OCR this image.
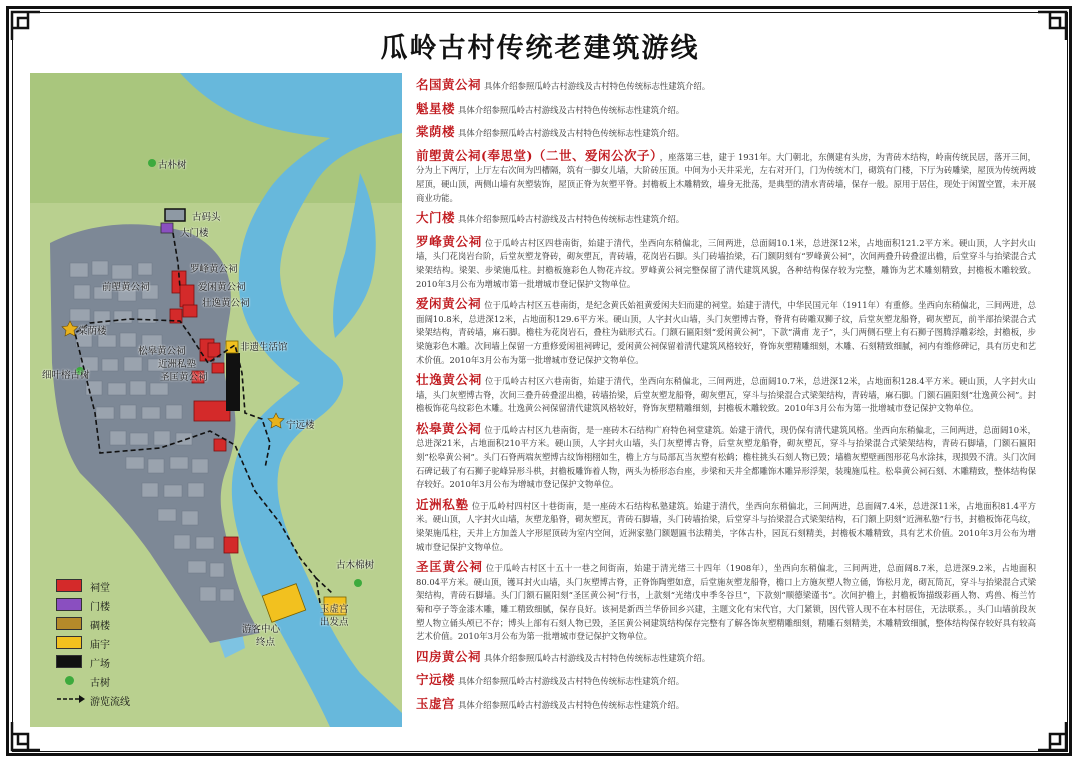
瓜岭古村传统老建筑游线
古朴树
古码头
大门楼
罗峰黄公祠
爱闲黄公祠
壮逸黄公祠
前塱黄公祠
棠荫楼
松皋黄公祠
近洲私塾
圣匡黄公祠
非遗生活馆
宁远楼
细叶榕古树
古木棉树
游客中心
终点
玉虚宫
出发点
祠堂
门楼
碉楼
庙宇
广场
古树
游览流线

名国黄公祠 具体介绍参照瓜岭古村游线及古村特色传统标志性建筑介绍。

魁星楼 具体介绍参照瓜岭古村游线及古村特色传统标志性建筑介绍。

棠荫楼 具体介绍参照瓜岭古村游线及古村特色传统标志性建筑介绍。

前塱黄公祠(奉思堂)（二世、爱闲公次子） ，座落第三巷，建于 1931年。大门朝北，东侧建有头房，为青砖木结构，岭南传统民居，落开三间，分为上下两厅，上厅左右次间为凹槽隔，筑有一脚女儿墙，大阶砖压顶。中间为小天井采光，左右对开门，门为传统木门，砌筑有门楼，下厅为砖雕梁，屋顶为传统两坡屋顶，硬山顶，两侧山墙有灰塑装饰，屋顶正脊为灰塑平脊。封檐板上木雕精致，墙身无批荡，是典型的清水青砖墙，保存一般。原用于居住，现处于闲置空置，未开展商业功能。

大门楼 具体介绍参照瓜岭古村游线及古村特色传统标志性建筑介绍。

罗峰黄公祠 位于瓜岭古村区四巷南街，始建于清代，坐西向东稍偏北，三间两进，总面阔10.1米，总进深12米，占地面积121.2平方米。硬山顶，人字封火山墙，头门花岗岩台阶，后堂灰塑龙脊砖，砌灰塑瓦，青砖墙，花岗岩石脚。头门砖墙抬梁，石门额阴刻有“罗峰黄公祠”，次间两叠升砖叠涩出檐，后堂穿斗与抬梁混合式梁架结构。梁架、步梁施瓜柱。封檐板施彩色人物花卉纹。罗峰黄公祠完整保留了清代建筑风貌，各种结构保存较为完整，雕饰为艺术雕刻精致，封檐板木雕较致。2010年3月公布为增城市第一批增城市登记保护文物单位。

爱闲黄公祠 位于瓜岭古村区五巷南街，是纪念黄氏始祖黄爱闲夫妇而建的祠堂。始建于清代，中华民国元年（1911年）有重修。坐西向东稍偏北，三间两进，总面阔10.8米，总进深12米，占地面积129.6平方米。硬山顶，人字封火山墙，头门灰塑博古脊，脊背有砖雕双狮子纹，后堂灰塑龙船脊，砌灰塑瓦，前半部抬梁混合式梁架结构，青砖墙，麻石脚。檐柱为花岗岩石，叠柱为础形式石。门额石匾阳刻“爱闲黄公祠”，下款“满甫 龙子”，头门两侧石壁上有石狮子图腾浮雕彩绘，封檐板，步梁施彩色木雕。次间墙上保留一方重修爱闲祖祠碑记，爱闲黄公祠保留着清代建筑风格较好，脊饰灰塑精雕细刻，木雕、石刻精致细腻，祠内有维修碑记，具有历史和艺术价值。2010年3月公布为第一批增城市登记保护文物单位。

壮逸黄公祠 位于瓜岭古村区六巷南街，始建于清代，坐西向东稍偏北，三间两进，总面阔10.7米，总进深12米，占地面积128.4平方米。硬山顶，人字封火山墙，头门灰塑博古脊，次间三叠升砖叠涩出檐，砖墙抬梁，后堂灰塑龙船脊，砌灰塑瓦，穿斗与抬梁混合式梁架结构，青砖墙，麻石脚。门额石匾阳刻“壮逸黄公祠”。封檐板饰花鸟纹彩色木雕。壮逸黄公祠保留清代建筑风格较好，脊饰灰塑精雕细刻，封檐板木雕较致。2010年3月公布为第一批增城市登记保护文物单位。

松皋黄公祠 位于瓜岭古村区九巷南街，是一座砖木石结构广府特色祠堂建筑。始建于清代，现仍保有清代建筑风格。坐西向东稍偏北，三间两进，总面阔10米，总进深21米，占地面积210平方米。硬山顶，人字封火山墙，头门灰塑博古脊，后堂灰塑龙船脊，砌灰塑瓦，穿斗与抬梁混合式梁架结构，青砖石脚墙，门额石匾阳刻“松皋黄公祠”。头门石脊两端灰塑博古纹饰栩栩如生，檐上方与局部瓦当灰塑有松鹤；檐柱挑头石刻人物已毁；墙檐灰塑壁画图形花鸟水涂抹，现损毁不清。头门次间石碑记载了有石狮子驼峰异形斗栱，封檐板雕饰着人物，两头为桥形态台座，步梁和天井全都雕饰木雕异形浮架，装瑰施瓜柱。松皋黄公祠石刻、木雕精致，整体结构保存较好。2010年3月公布为增城市登记保护文物单位。

近洲私塾 位于瓜岭村四村区十巷街南，是一座砖木石结构私塾建筑。始建于清代，坐西向东稍偏北，三间两进，总面阔7.4米，总进深11米，占地面积81.4平方米。硬山顶，人字封火山墙，灰塑龙船脊，砌灰塑瓦，青砖石脚墙，头门砖墙抬梁，后堂穿斗与抬梁混合式梁架结构，石门额上阴刻“近洲私塾”行书，封檐板饰花鸟纹，梁架施瓜柱，天井上方加盖人字形屋顶砖为室内空间，近洲家塾门额题匾书法精美，字体古朴，园瓦石刻精美，封檐板木雕精致，具有艺术价值。2010年3月公布为增城市登记保护文物单位。

圣匡黄公祠 位于瓜岭古村区十五十一巷之间街南，始建于清光绪三十四年（1908年），坐西向东稍偏北，三间两进，总面阔8.7米，总进深9.2米，占地面积80.04平方米。硬山顶，镬耳封火山墙，头门灰塑博古脊，正脊饰陶塑如意，后堂施灰塑龙船脊，檐口上方施灰塑人物立俑，饰松月龙，砌瓦筒瓦，穿斗与抬梁混合式梁架结构，青砖石脚墙。头门门额石匾阳刻“圣匡黄公祠”行书，上款刻“光绪戊申季冬谷旦”，下款刻“顺德梁谨书”。次间护檐上，封檐板饰描级彩画人物、鸡兽、梅兰竹菊和亭子等金漆木雕，雕工精致细腻，保存良好。该祠是新西兰华侨回乡兴建，主题文化有宋代官，大门紧锁，因代管人现不在本村居住，无法联系。，头门山墙前段灰塑人物立俑头颅已不存；博头上部有石刻人物已毁，圣匡黄公祠建筑结构保存完整有了解各饰灰塑精雕细刻，精雕石刻精美，木雕精致细腻，整体结构保存较好具有较高艺术价值。2010年3月公布为第一批增城市登记保护文物单位。

四房黄公祠 具体介绍参照瓜岭古村游线及古村特色传统标志性建筑介绍。

宁远楼 具体介绍参照瓜岭古村游线及古村特色传统标志性建筑介绍。

玉虚宫 具体介绍参照瓜岭古村游线及古村特色传统标志性建筑介绍。
